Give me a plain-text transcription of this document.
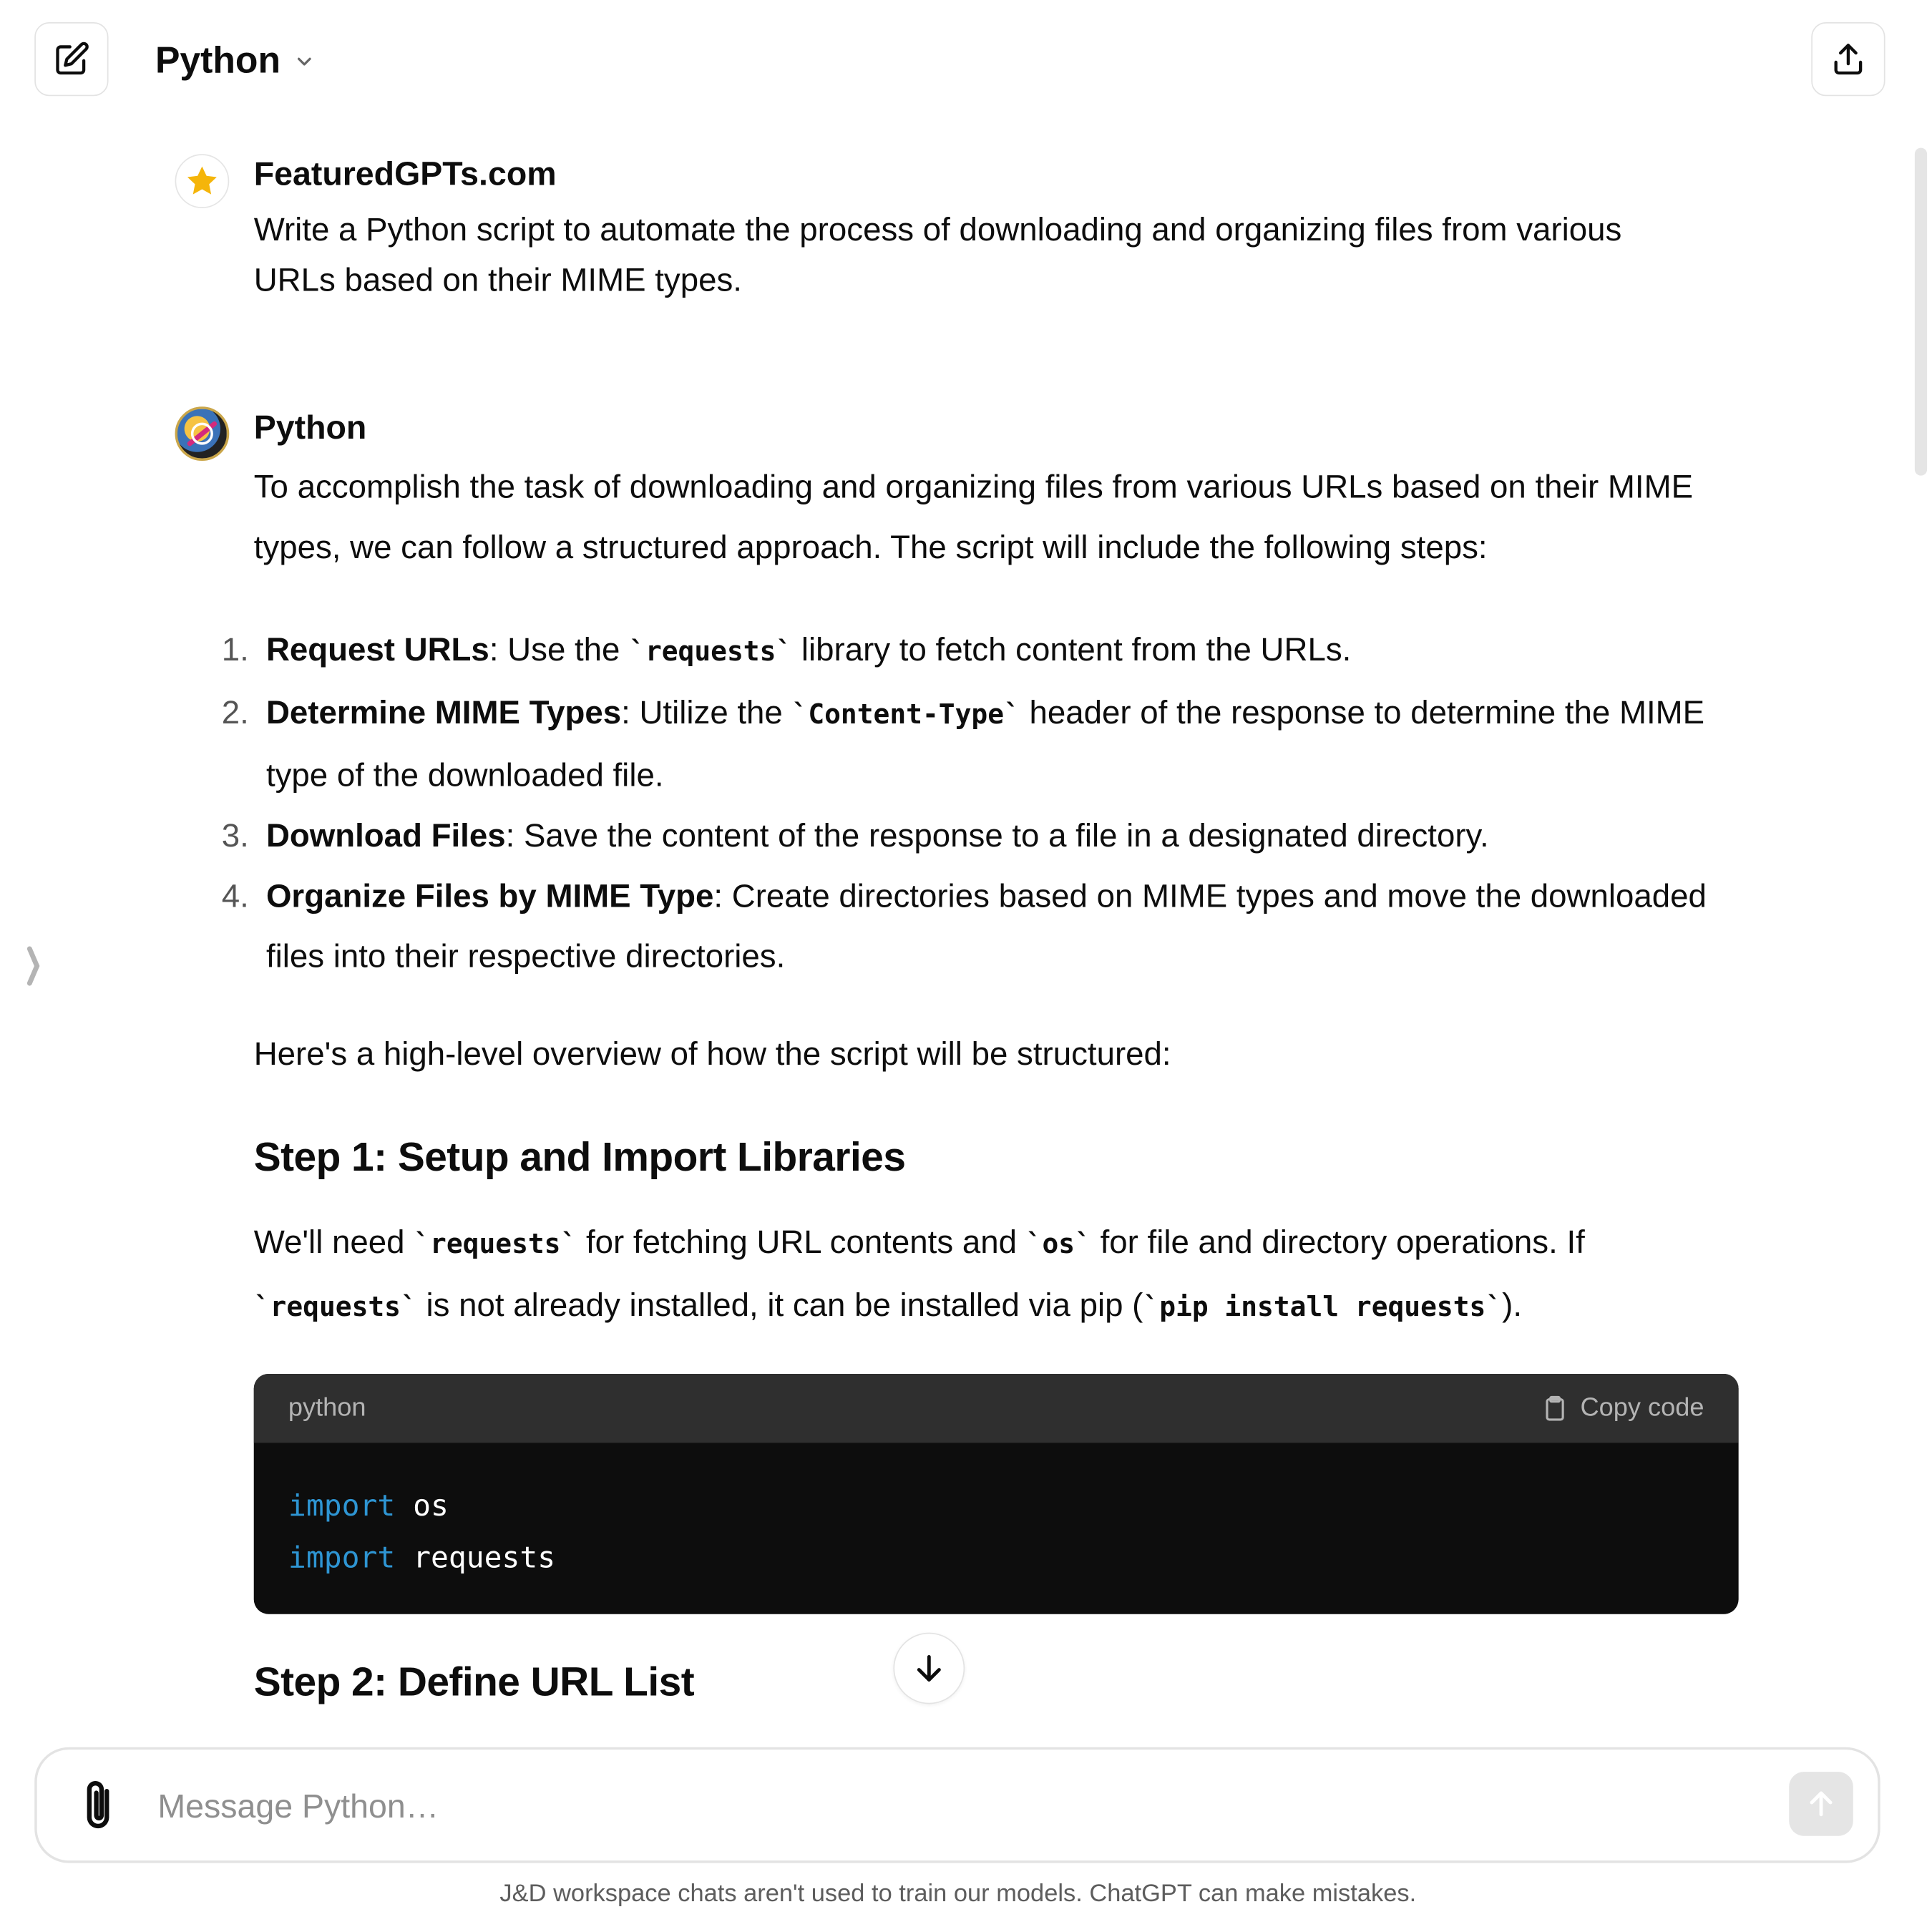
Python
FeaturedGPTs.com
Write a Python script to automate the process of downloading and organizing files from various URLs based on their MIME types.
Python
To accomplish the task of downloading and organizing files from various URLs based on their MIME types, we can follow a structured approach. The script will include the following steps:
1. Request URLs: Use the `requests` library to fetch content from the URLs.
2. Determine MIME Types: Utilize the `Content-Type` header of the response to determine the MIME type of the downloaded file.
3. Download Files: Save the content of the response to a file in a designated directory.
4. Organize Files by MIME Type: Create directories based on MIME types and move the downloaded files into their respective directories.
Here's a high-level overview of how the script will be structured:
Step 1: Setup and Import Libraries
We'll need `requests` for fetching URL contents and `os` for file and directory operations. If `requests` is not already installed, it can be installed via pip (`pip install requests`).
python	Copy code
import os
import requests
Step 2: Define URL List
Message Python…
J&D workspace chats aren't used to train our models. ChatGPT can make mistakes.
